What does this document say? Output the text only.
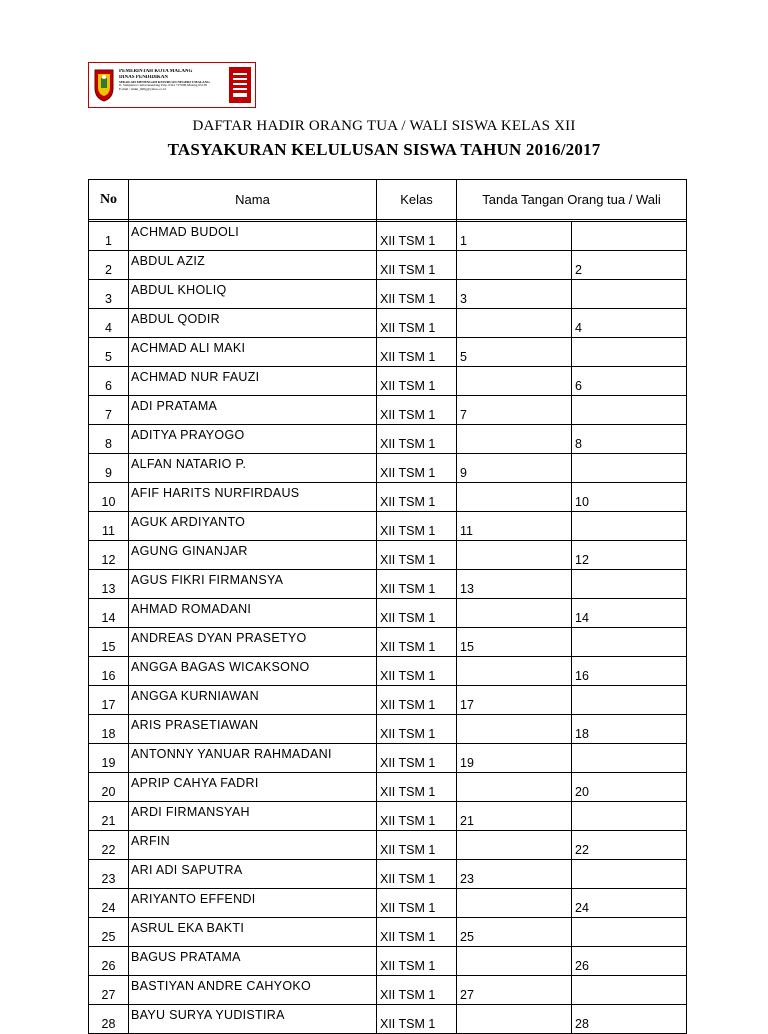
PEMERINTAH KOTA MALANG
DINAS PENDIDIKAN
SEKOLAH MENENGAH KEJURUAN NEGERI 9 MALANG
Jl. Sampurna Cemorokandang Telp. 0341 727006 Malang 65138
E-mail : smkn_9mlg@yahoo.co.id
DAFTAR HADIR ORANG TUA / WALI SISWA KELAS XII
TASYAKURAN KELULUSAN SISWA TAHUN 2016/2017
No	Nama	Kelas	Tanda Tangan Orang tua / Wali	

1	ACHMAD BUDOLI	XII TSM 1	1	
2	ABDUL AZIZ	XII TSM 1		2
3	ABDUL KHOLIQ	XII TSM 1	3	
4	ABDUL QODIR	XII TSM 1		4
5	ACHMAD ALI MAKI	XII TSM 1	5	
6	ACHMAD NUR FAUZI	XII TSM 1		6
7	ADI PRATAMA	XII TSM 1	7	
8	ADITYA PRAYOGO	XII TSM 1		8
9	ALFAN NATARIO P.	XII TSM 1	9	
10	AFIF HARITS NURFIRDAUS	XII TSM 1		10
11	AGUK ARDIYANTO	XII TSM 1	11	
12	AGUNG GINANJAR	XII TSM 1		12
13	AGUS FIKRI FIRMANSYA	XII TSM 1	13	
14	AHMAD ROMADANI	XII TSM 1		14
15	ANDREAS DYAN PRASETYO	XII TSM 1	15	
16	ANGGA BAGAS WICAKSONO	XII TSM 1		16
17	ANGGA KURNIAWAN	XII TSM 1	17	
18	ARIS PRASETIAWAN	XII TSM 1		18
19	ANTONNY YANUAR RAHMADANI	XII TSM 1	19	
20	APRIP CAHYA FADRI	XII TSM 1		20
21	ARDI FIRMANSYAH	XII TSM 1	21	
22	ARFIN	XII TSM 1		22
23	ARI ADI SAPUTRA	XII TSM 1	23	
24	ARIYANTO EFFENDI	XII TSM 1		24
25	ASRUL EKA BAKTI	XII TSM 1	25	
26	BAGUS PRATAMA	XII TSM 1		26
27	BASTIYAN ANDRE CAHYOKO	XII TSM 1	27	
28	BAYU SURYA YUDISTIRA	XII TSM 1		28
